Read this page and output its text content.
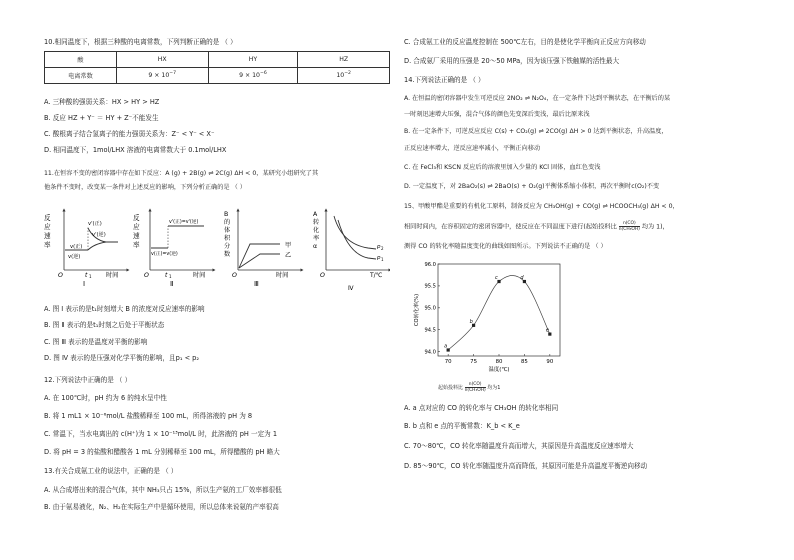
10.相同温度下，根据三种酸的电离常数，下列判断正确的是 （ ）
酸	HX	HY	HZ
电离常数	$9 \times 10^{-7}$	$9 \times 10^{-6}$	$10^{-2}$
A. 三种酸的强弱关系：HX > HY > HZ
B. 反应 HZ + Y⁻ ＝ HY + Z⁻不能发生
C. 酸根离子结合氢离子的能力强弱关系为：Z⁻ < Y⁻ < X⁻
D. 相同温度下，1mol/LHX 溶液的电离常数大于 0.1mol/LHX
11.在恒容不变的密闭容器中存在如下反应：A (g) + 2B(g) ⇌ 2C(g) ΔH < 0，某研究小组研究了其
他条件不变时，改变某一条件对上述反应的影响，下列分析正确的是 （ ）
反
应
速
率
v'(正)
v'(逆)
v(正)
v(逆)
O	t 1 时间
Ⅰ
反
应
速
率
v'(正)=v'(逆)
v(正)=v(逆)
O	t 1	时间
Ⅱ
B
的
体
积
分
数
甲
乙
O	时间
Ⅲ
A
转
化
率
α	p 2
p 1
O	T/℃
Ⅳ
A. 图 Ⅰ 表示的是t₁时刻增大 B 的浓度对反应速率的影响
B. 图 Ⅱ 表示的是t₁时刻之后处于平衡状态
C. 图 Ⅲ 表示的是温度对平衡的影响
D. 图 Ⅳ 表示的是压强对化学平衡的影响，且p₁ < p₂
12.下列说法中正确的是 （ ）
A. 在 100℃时，pH 约为 6 的纯水呈中性
B. 将 1 mL1 × 10⁻⁶mol/L 盐酸稀释至 100 mL，所得溶液的 pH 为 8
C. 常温下，当水电离出的 c(H⁺)为 1 × 10⁻¹³mol/L 时，此溶液的 pH 一定为 1
D. 将 pH = 3 的盐酸和醋酸各 1 mL 分别稀释至 100 mL，所得醋酸的 pH 略大
13.有关合成氨工业的说法中，正确的是 （ ）
A. 从合成塔出来的混合气体，其中 NH₃只占 15%，所以生产氨的工厂效率都很低
B. 由于氨易液化，N₂、H₂在实际生产中是循环使用，所以总体来说氨的产率很高
C. 合成氨工业的反应温度控制在 500℃左右，目的是使化学平衡向正反应方向移动
D. 合成氨厂采用的压强是 20～50 MPa，因为该压强下铁触媒的活性最大
14.下列说法正确的是 （ ）
A. 在恒温的密闭容器中发生可逆反应 2NO₂ ⇌ N₂O₄，在一定条件下达到平衡状态，在平衡后的某
一时刻迅速增大压强，混合气体的颜色先变深后变浅，最后比原来浅
B. 在一定条件下，可逆反应反应 C(s) + CO₂(g) ⇌ 2CO(g) ΔH > 0 达到平衡状态，升高温度，
正反应速率增大，逆反应速率减小，平衡正向移动
C. 在 FeCl₃和 KSCN 反应后的溶液里加入少量的 KCl 固体，血红色变浅
D. 一定温度下，对 2BaO₂(s) ⇌ 2BaO(s) + O₂(g)平衡体系缩小体积，再次平衡时c(O₂)不变
15、甲酸甲酯是重要的有机化工原料，制备反应为 CH₃OH(g) + CO(g) ⇌ HCOOCH₃(g) ΔH < 0，
相同时间内，在容积固定的密闭容器中，使反应在不同温度下进行(起始投料比 $\frac{n(CO)}{\text{n(CH₃OH)}}$ 均为 1)，
测得 CO 的转化率随温度变化的曲线如图所示。下列说法不正确的是 （ ）
70	75	80	85	90
94.0
94.5
95.0
95.5
96.0
a
b
c	d
e
温度(℃)
CO转化率(%)
起始投料比 $\frac{n(CO)}{\text{n(CH₃OH)}}$ 均为1
A. a 点对应的 CO 的转化率与 CH₃OH 的转化率相同
B. b 点和 e 点的平衡常数：K_b < K_e
C. 70～80℃，CO 转化率随温度升高而增大，其原因是升高温度反应速率增大
D. 85～90℃，CO 转化率随温度升高而降低，其原因可能是升高温度平衡逆向移动
